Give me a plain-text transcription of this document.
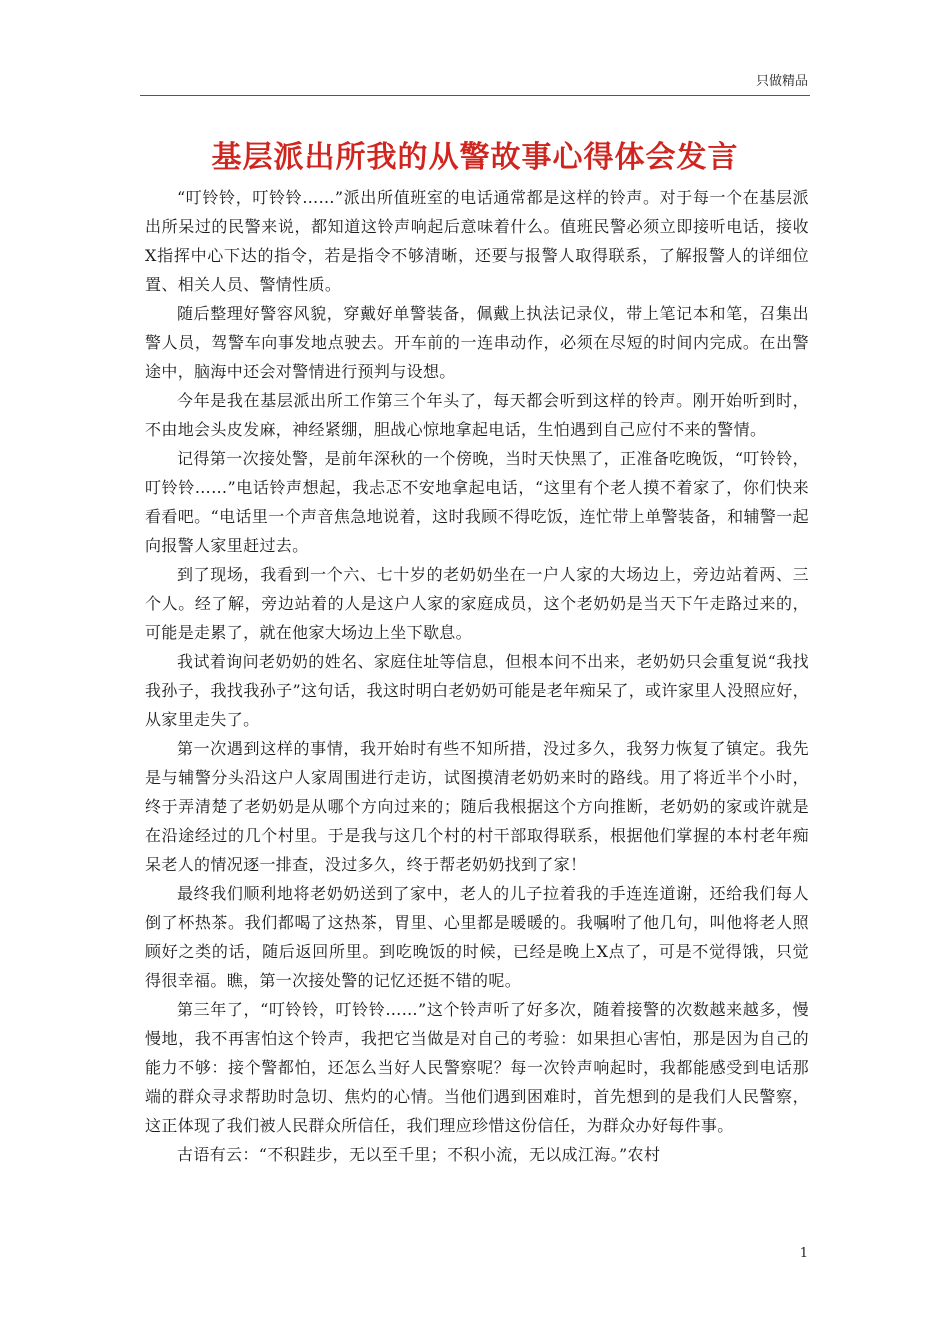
只做精品
基层派出所我的从警故事心得体会发言

“叮铃铃，叮铃铃……”派出所值班室的电话通常都是这样的铃声。对于每一个在基层派出所呆过的民警来说，都知道这铃声响起后意味着什么。值班民警必须立即接听电话，接收X指挥中心下达的指令，若是指令不够清晰，还要与报警人取得联系，了解报警人的详细位置、相关人员、警情性质。

随后整理好警容风貌，穿戴好单警装备，佩戴上执法记录仪，带上笔记本和笔，召集出警人员，驾警车向事发地点驶去。开车前的一连串动作，必须在尽短的时间内完成。在出警途中，脑海中还会对警情进行预判与设想。

今年是我在基层派出所工作第三个年头了，每天都会听到这样的铃声。刚开始听到时，不由地会头皮发麻，神经紧绷，胆战心惊地拿起电话，生怕遇到自己应付不来的警情。

记得第一次接处警，是前年深秋的一个傍晚，当时天快黑了，正准备吃晚饭，“叮铃铃，叮铃铃……”电话铃声想起，我忐忑不安地拿起电话，“这里有个老人摸不着家了，你们快来看看吧。“电话里一个声音焦急地说着，这时我顾不得吃饭，连忙带上单警装备，和辅警一起向报警人家里赶过去。

到了现场，我看到一个六、七十岁的老奶奶坐在一户人家的大场边上，旁边站着两、三个人。经了解，旁边站着的人是这户人家的家庭成员，这个老奶奶是当天下午走路过来的，可能是走累了，就在他家大场边上坐下歇息。

我试着询问老奶奶的姓名、家庭住址等信息，但根本问不出来，老奶奶只会重复说“我找我孙子，我找我孙子”这句话，我这时明白老奶奶可能是老年痴呆了，或许家里人没照应好，从家里走失了。

第一次遇到这样的事情，我开始时有些不知所措，没过多久，我努力恢复了镇定。我先是与辅警分头沿这户人家周围进行走访，试图摸清老奶奶来时的路线。用了将近半个小时，终于弄清楚了老奶奶是从哪个方向过来的；随后我根据这个方向推断，老奶奶的家或许就是在沿途经过的几个村里。于是我与这几个村的村干部取得联系，根据他们掌握的本村老年痴呆老人的情况逐一排查，没过多久，终于帮老奶奶找到了家！

最终我们顺利地将老奶奶送到了家中，老人的儿子拉着我的手连连道谢，还给我们每人倒了杯热茶。我们都喝了这热茶，胃里、心里都是暖暖的。我嘱咐了他几句，叫他将老人照顾好之类的话，随后返回所里。到吃晚饭的时候，已经是晚上X点了，可是不觉得饿，只觉得很幸福。瞧，第一次接处警的记忆还挺不错的呢。

第三年了，“叮铃铃，叮铃铃……”这个铃声听了好多次，随着接警的次数越来越多，慢慢地，我不再害怕这个铃声，我把它当做是对自己的考验：如果担心害怕，那是因为自己的能力不够：接个警都怕，还怎么当好人民警察呢？每一次铃声响起时，我都能感受到电话那端的群众寻求帮助时急切、焦灼的心情。当他们遇到困难时，首先想到的是我们人民警察，这正体现了我们被人民群众所信任，我们理应珍惜这份信任，为群众办好每件事。

古语有云：“不积跬步，无以至千里；不积小流，无以成江海。”农村

1
